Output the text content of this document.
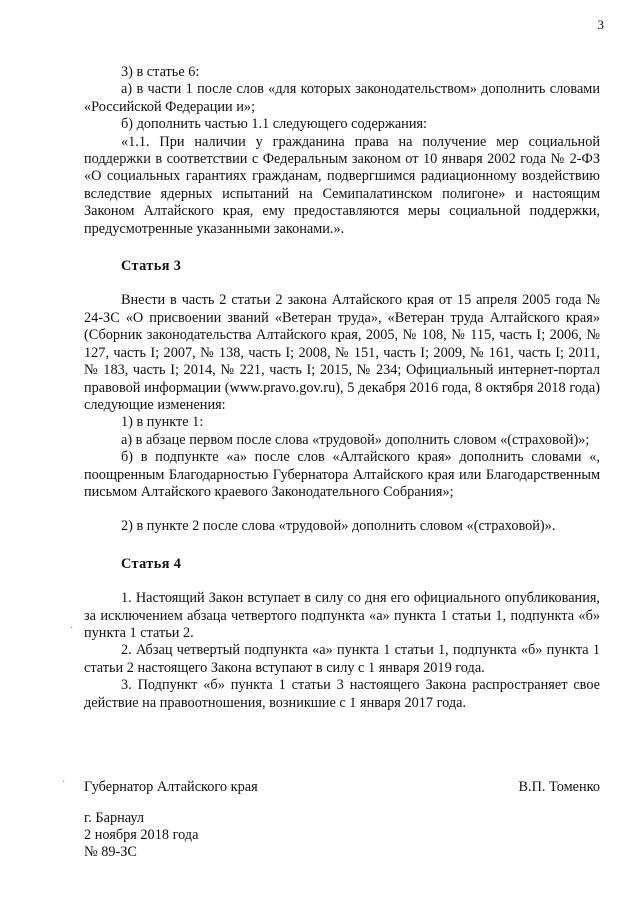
3

3) в статье 6:

а) в части 1 после слов «для которых законодательством» дополнить словами «Российской Федерации и»;

б) дополнить частью 1.1 следующего содержания:

«1.1. При наличии у гражданина права на получение мер социальной поддержки в соответствии с Федеральным законом от 10 января 2002 года № 2-ФЗ «О социальных гарантиях гражданам, подвергшимся радиационному воздействию вследствие ядерных испытаний на Семипалатинском полигоне» и настоящим Законом Алтайского края, ему предоставляются меры социальной поддержки, предусмотренные указанными законами.».

Статья 3

Внести в часть 2 статьи 2 закона Алтайского края от 15 апреля 2005 года № 24-ЗС «О присвоении званий «Ветеран труда», «Ветеран труда Алтайского края» (Сборник законодательства Алтайского края, 2005, № 108, № 115, часть I; 2006, № 127, часть I; 2007, № 138, часть I; 2008, № 151, часть I; 2009, № 161, часть I; 2011, № 183, часть I; 2014, № 221, часть I; 2015, № 234; Официальный интернет-портал правовой информации (www.pravo.gov.ru), 5 декабря 2016 года, 8 октября 2018 года) следующие изменения:

1) в пункте 1:

а) в абзаце первом после слова «трудовой» дополнить словом «(страховой)»;

б) в подпункте «а» после слов «Алтайского края» дополнить словами «, поощренным Благодарностью Губернатора Алтайского края или Благодарственным письмом Алтайского краевого Законодательного Собрания»;

2) в пункте 2 после слова «трудовой» дополнить словом «(страховой)».

Статья 4

1. Настоящий Закон вступает в силу со дня его официального опубликования, за исключением абзаца четвертого подпункта «а» пункта 1 статьи 1, подпункта «б» пункта 1 статьи 2.

2. Абзац четвертый подпункта «а» пункта 1 статьи 1, подпункта «б» пункта 1 статьи 2 настоящего Закона вступают в силу с 1 января 2019 года.

3. Подпункт «б» пункта 1 статьи 3 настоящего Закона распространяет свое действие на правоотношения, возникшие с 1 января 2017 года.

Губернатор Алтайского края	В.П. Томенко
г. Барнаул
2 ноября 2018 года
№ 89-ЗС
·
·
